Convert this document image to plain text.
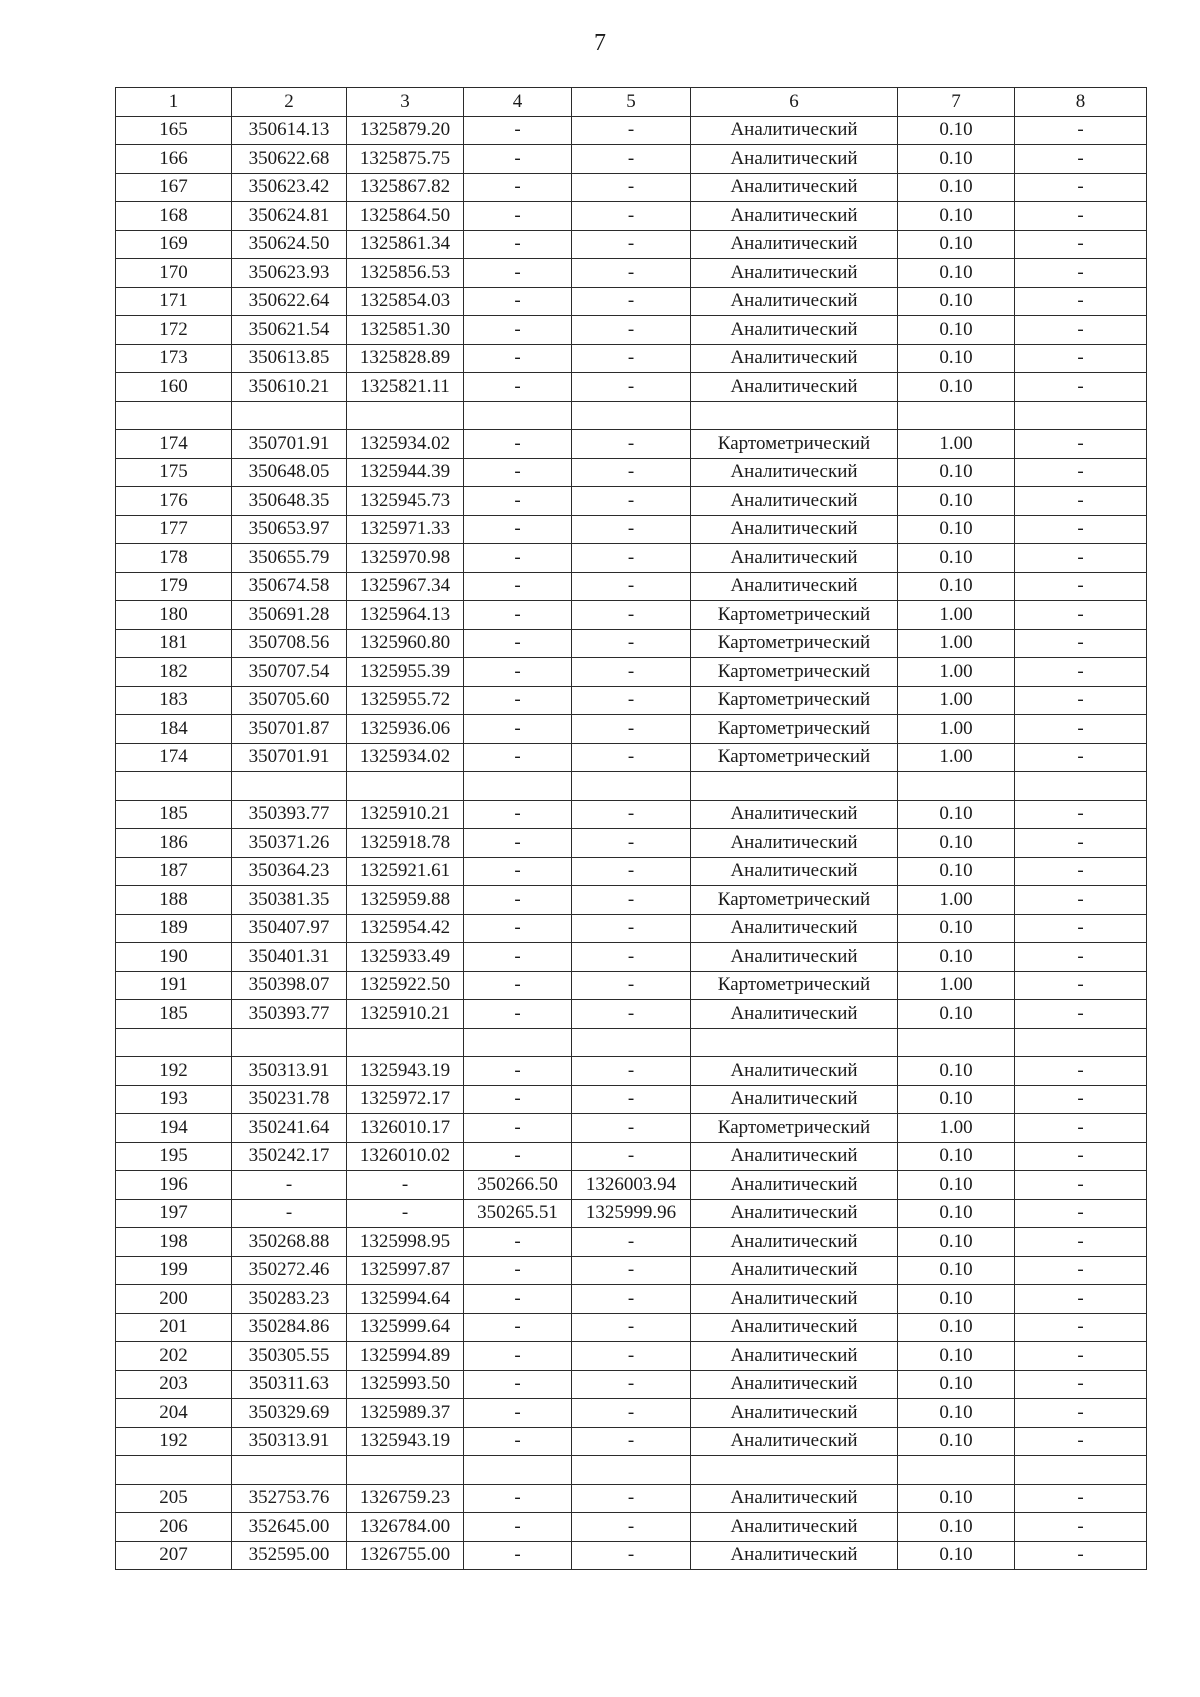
7
1	2	3	4	5	6	7	8
165	350614.13	1325879.20	-	-	Аналитический	0.10	-
166	350622.68	1325875.75	-	-	Аналитический	0.10	-
167	350623.42	1325867.82	-	-	Аналитический	0.10	-
168	350624.81	1325864.50	-	-	Аналитический	0.10	-
169	350624.50	1325861.34	-	-	Аналитический	0.10	-
170	350623.93	1325856.53	-	-	Аналитический	0.10	-
171	350622.64	1325854.03	-	-	Аналитический	0.10	-
172	350621.54	1325851.30	-	-	Аналитический	0.10	-
173	350613.85	1325828.89	-	-	Аналитический	0.10	-
160	350610.21	1325821.11	-	-	Аналитический	0.10	-

174	350701.91	1325934.02	-	-	Картометрический	1.00	-
175	350648.05	1325944.39	-	-	Аналитический	0.10	-
176	350648.35	1325945.73	-	-	Аналитический	0.10	-
177	350653.97	1325971.33	-	-	Аналитический	0.10	-
178	350655.79	1325970.98	-	-	Аналитический	0.10	-
179	350674.58	1325967.34	-	-	Аналитический	0.10	-
180	350691.28	1325964.13	-	-	Картометрический	1.00	-
181	350708.56	1325960.80	-	-	Картометрический	1.00	-
182	350707.54	1325955.39	-	-	Картометрический	1.00	-
183	350705.60	1325955.72	-	-	Картометрический	1.00	-
184	350701.87	1325936.06	-	-	Картометрический	1.00	-
174	350701.91	1325934.02	-	-	Картометрический	1.00	-

185	350393.77	1325910.21	-	-	Аналитический	0.10	-
186	350371.26	1325918.78	-	-	Аналитический	0.10	-
187	350364.23	1325921.61	-	-	Аналитический	0.10	-
188	350381.35	1325959.88	-	-	Картометрический	1.00	-
189	350407.97	1325954.42	-	-	Аналитический	0.10	-
190	350401.31	1325933.49	-	-	Аналитический	0.10	-
191	350398.07	1325922.50	-	-	Картометрический	1.00	-
185	350393.77	1325910.21	-	-	Аналитический	0.10	-

192	350313.91	1325943.19	-	-	Аналитический	0.10	-
193	350231.78	1325972.17	-	-	Аналитический	0.10	-
194	350241.64	1326010.17	-	-	Картометрический	1.00	-
195	350242.17	1326010.02	-	-	Аналитический	0.10	-
196	-	-	350266.50	1326003.94	Аналитический	0.10	-
197	-	-	350265.51	1325999.96	Аналитический	0.10	-
198	350268.88	1325998.95	-	-	Аналитический	0.10	-
199	350272.46	1325997.87	-	-	Аналитический	0.10	-
200	350283.23	1325994.64	-	-	Аналитический	0.10	-
201	350284.86	1325999.64	-	-	Аналитический	0.10	-
202	350305.55	1325994.89	-	-	Аналитический	0.10	-
203	350311.63	1325993.50	-	-	Аналитический	0.10	-
204	350329.69	1325989.37	-	-	Аналитический	0.10	-
192	350313.91	1325943.19	-	-	Аналитический	0.10	-

205	352753.76	1326759.23	-	-	Аналитический	0.10	-
206	352645.00	1326784.00	-	-	Аналитический	0.10	-
207	352595.00	1326755.00	-	-	Аналитический	0.10	-
